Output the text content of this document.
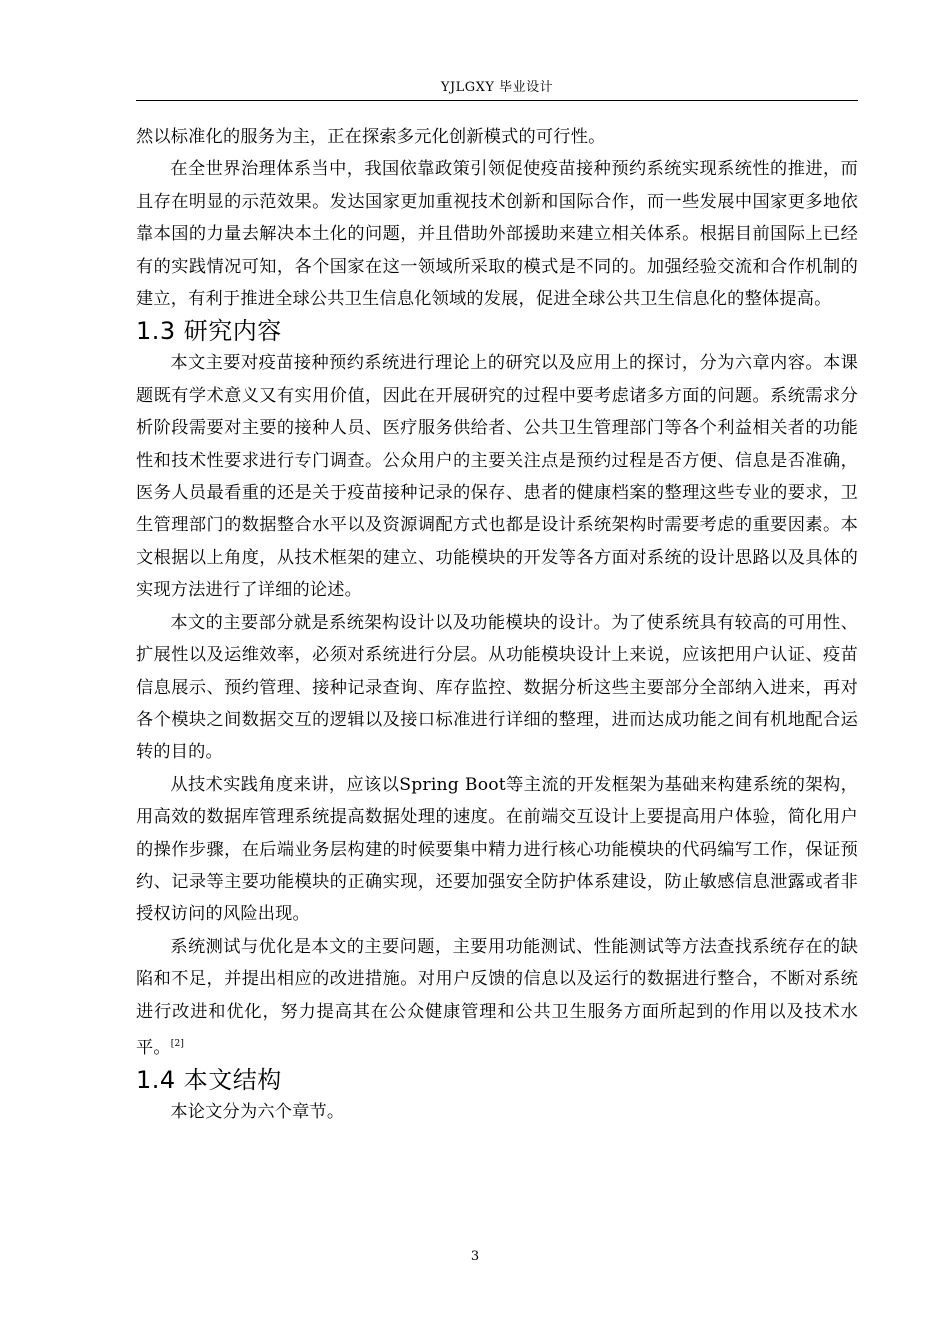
YJLGXY 毕业设计

然以标准化的服务为主，正在探索多元化创新模式的可行性。

在全世界治理体系当中，我国依靠政策引领促使疫苗接种预约系统实现系统性的推进，而且存在明显的示范效果。发达国家更加重视技术创新和国际合作，而一些发展中国家更多地依靠本国的力量去解决本土化的问题，并且借助外部援助来建立相关体系。根据目前国际上已经有的实践情况可知，各个国家在这一领域所采取的模式是不同的。加强经验交流和合作机制的建立，有利于推进全球公共卫生信息化领域的发展，促进全球公共卫生信息化的整体提高。

1.3 研究内容

本文主要对疫苗接种预约系统进行理论上的研究以及应用上的探讨，分为六章内容。本课题既有学术意义又有实用价值，因此在开展研究的过程中要考虑诸多方面的问题。系统需求分析阶段需要对主要的接种人员、医疗服务供给者、公共卫生管理部门等各个利益相关者的功能性和技术性要求进行专门调查。公众用户的主要关注点是预约过程是否方便、信息是否准确，医务人员最看重的还是关于疫苗接种记录的保存、患者的健康档案的整理这些专业的要求，卫生管理部门的数据整合水平以及资源调配方式也都是设计系统架构时需要考虑的重要因素。本文根据以上角度，从技术框架的建立、功能模块的开发等各方面对系统的设计思路以及具体的实现方法进行了详细的论述。

本文的主要部分就是系统架构设计以及功能模块的设计。为了使系统具有较高的可用性、扩展性以及运维效率，必须对系统进行分层。从功能模块设计上来说，应该把用户认证、疫苗信息展示、预约管理、接种记录查询、库存监控、数据分析这些主要部分全部纳入进来，再对各个模块之间数据交互的逻辑以及接口标准进行详细的整理，进而达成功能之间有机地配合运转的目的。

从技术实践角度来讲，应该以Spring Boot等主流的开发框架为基础来构建系统的架构，用高效的数据库管理系统提高数据处理的速度。在前端交互设计上要提高用户体验，简化用户的操作步骤，在后端业务层构建的时候要集中精力进行核心功能模块的代码编写工作，保证预约、记录等主要功能模块的正确实现，还要加强安全防护体系建设，防止敏感信息泄露或者非授权访问的风险出现。

系统测试与优化是本文的主要问题，主要用功能测试、性能测试等方法查找系统存在的缺陷和不足，并提出相应的改进措施。对用户反馈的信息以及运行的数据进行整合，不断对系统进行改进和优化，努力提高其在公众健康管理和公共卫生服务方面所起到的作用以及技术水平。[2]

1.4 本文结构

本论文分为六个章节。

3
